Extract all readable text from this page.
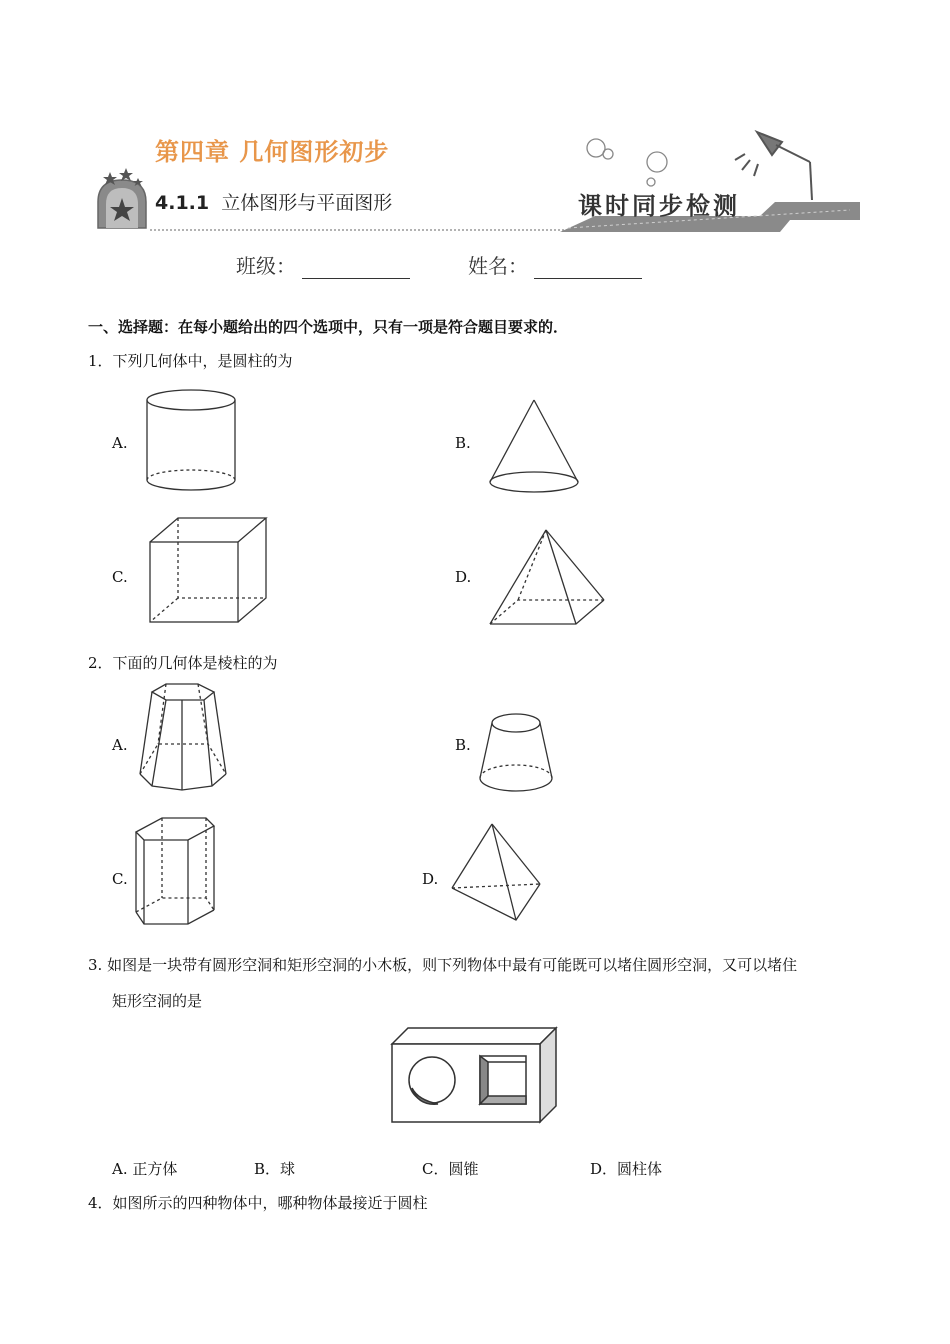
第四章 几何图形初步
4.1.1 立体图形与平面图形	课时同步检测
班级：	姓名：
一、选择题：在每小题给出的四个选项中，只有一项是符合题目要求的．
1．下列几何体中，是圆柱的为
A.	B.
C.	D.
2．下面的几何体是棱柱的为
A.	B.
C.	D.
3. 如图是一块带有圆形空洞和矩形空洞的小木板，则下列物体中最有可能既可以堵住圆形空洞，又可以堵住
矩形空洞的是
A. 正方体	B．球	C．圆锥	D．圆柱体
4．如图所示的四种物体中，哪种物体最接近于圆柱
